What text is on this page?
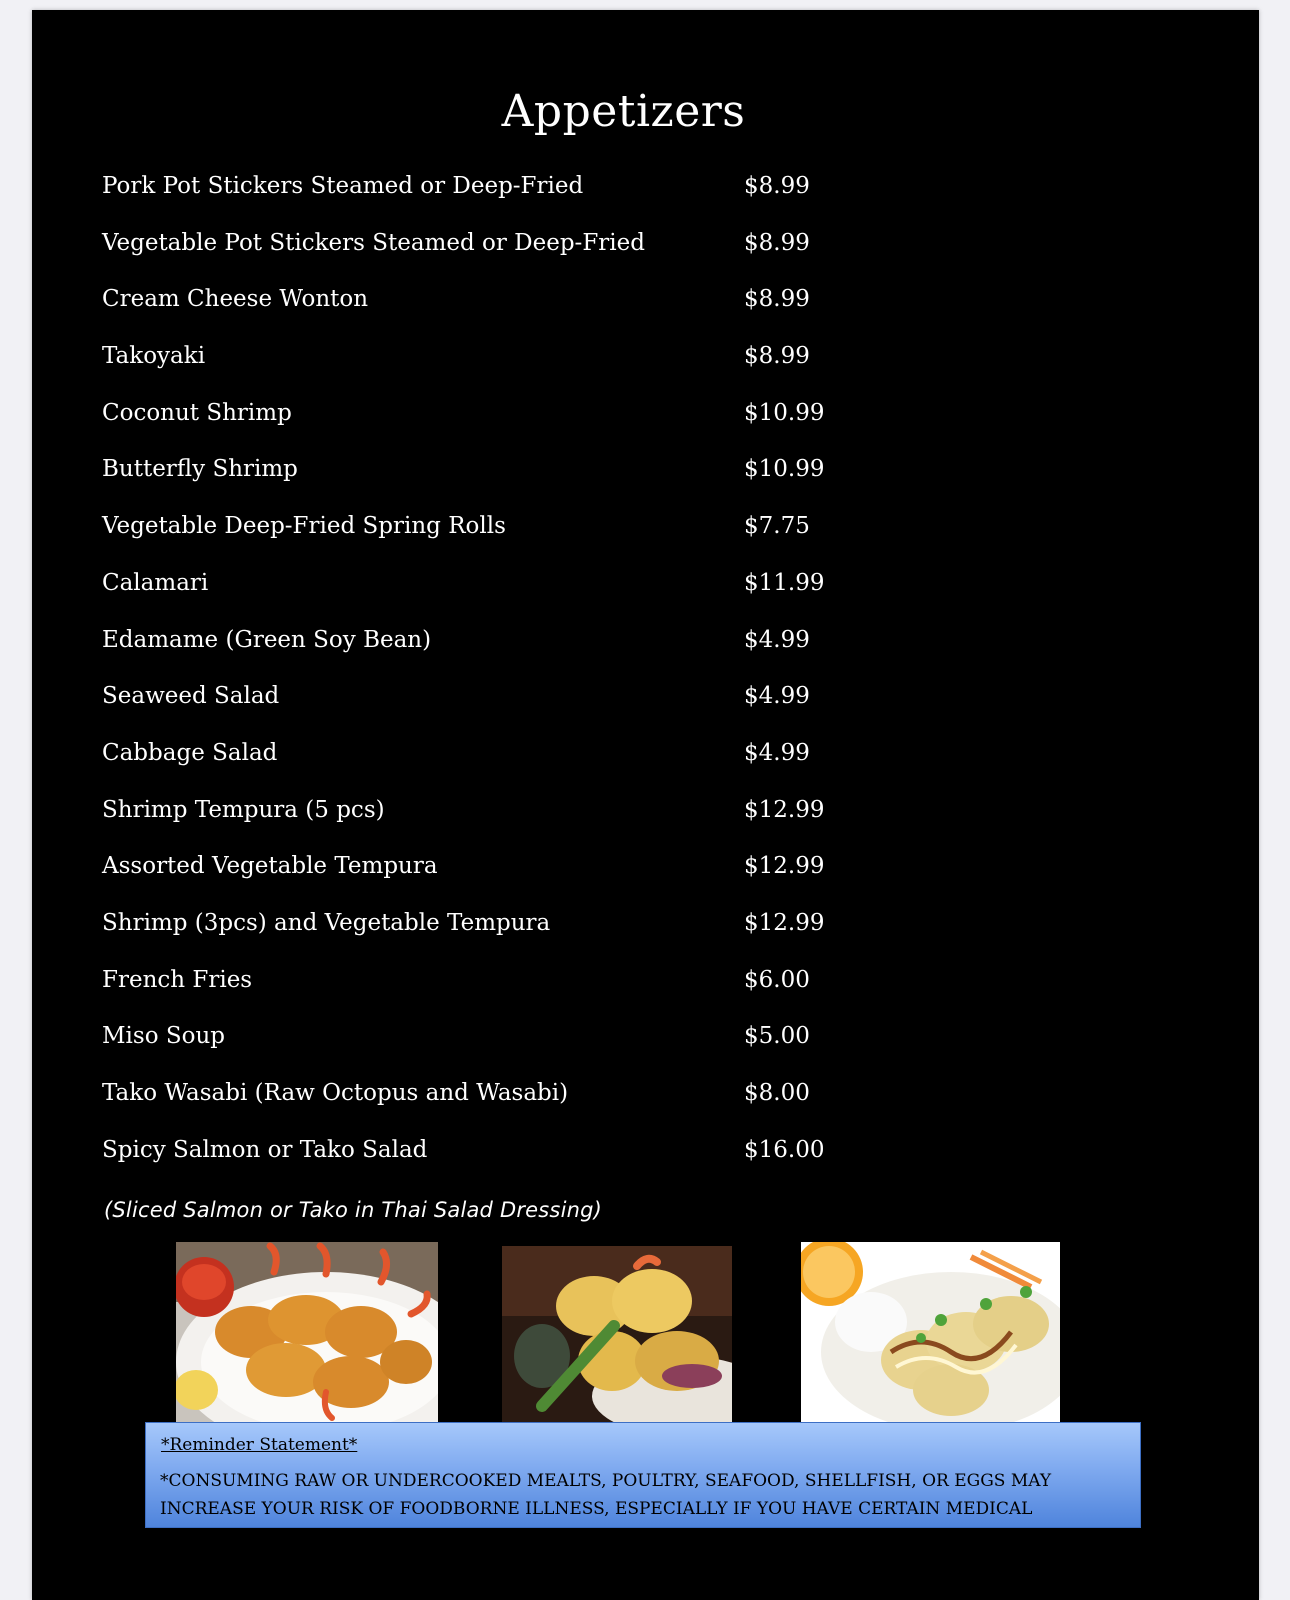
Appetizers
Pork Pot Stickers Steamed or Deep-Fried	$8.99
Vegetable Pot Stickers Steamed or Deep-Fried	$8.99
Cream Cheese Wonton	$8.99
Takoyaki	$8.99
Coconut Shrimp	$10.99
Butterfly Shrimp	$10.99
Vegetable Deep-Fried Spring Rolls	$7.75
Calamari	$11.99
Edamame (Green Soy Bean)	$4.99
Seaweed Salad	$4.99
Cabbage Salad	$4.99
Shrimp Tempura (5 pcs)	$12.99
Assorted Vegetable Tempura	$12.99
Shrimp (3pcs) and Vegetable Tempura	$12.99
French Fries	$6.00
Miso Soup	$5.00
Tako Wasabi (Raw Octopus and Wasabi)	$8.00
Spicy Salmon or Tako Salad	$16.00
(Sliced Salmon or Tako in Thai Salad Dressing)
*Reminder Statement*
*CONSUMING RAW OR UNDERCOOKED MEALTS, POULTRY, SEAFOOD, SHELLFISH, OR EGGS MAY INCREASE YOUR RISK OF FOODBORNE ILLNESS, ESPECIALLY IF YOU HAVE CERTAIN MEDICAL CONDITIONS.
